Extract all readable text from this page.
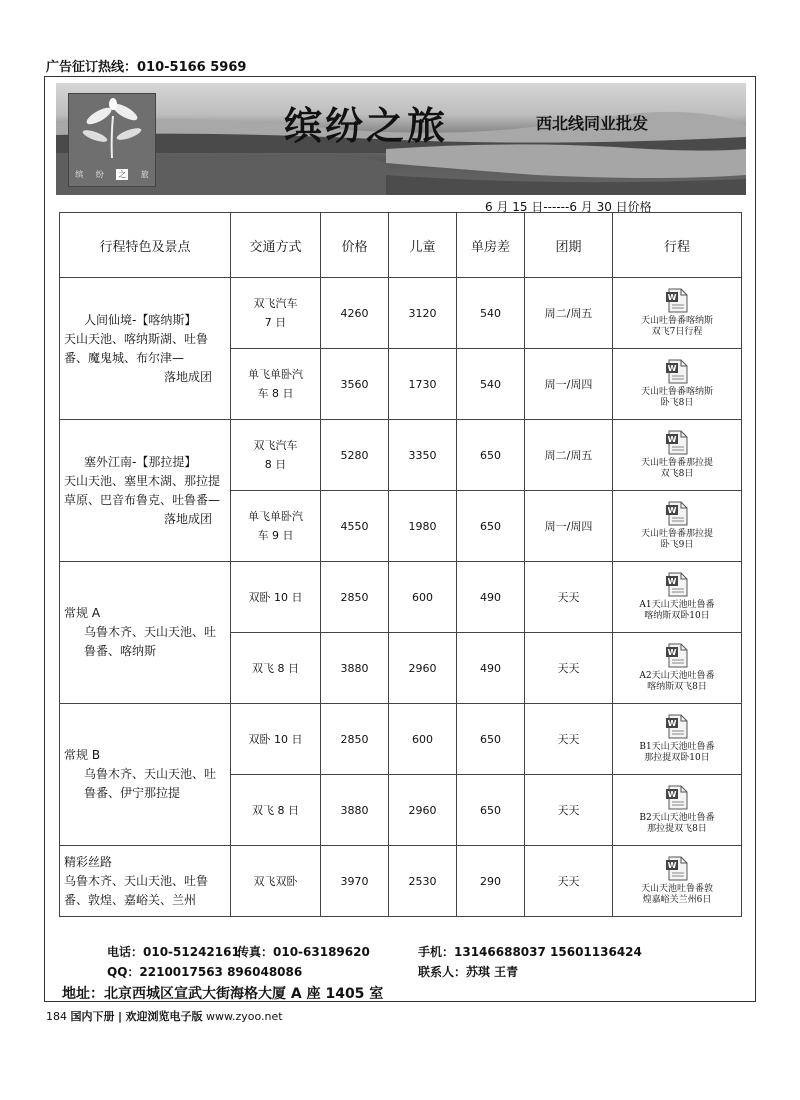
广告征订热线：010-5166 5969
缤 纷 之 旅
缤纷之旅	西北线同业批发
6 月 15 日------6 月 30 日价格
行程特色及景点	交通方式	价格	儿童	单房差	团期	行程

人间仙境-【喀纳斯】
天山天池、喀纳斯湖、吐鲁番、魔鬼城、布尔津—
落地成团	双飞汽车
7 日	4260	3120	540	周二/周五	W
天山吐鲁番喀纳斯
双飞7日行程

	单飞单卧汽
车 8 日	3560	1730	540	周一/周四	W
天山吐鲁番喀纳斯
卧飞8日

塞外江南-【那拉提】
天山天池、塞里木湖、那拉提草原、巴音布鲁克、吐鲁番—
落地成团	双飞汽车
8 日	5280	3350	650	周二/周五	W
天山吐鲁番那拉提
双飞8日

	单飞单卧汽
车 9 日	4550	1980	650	周一/周四	W
天山吐鲁番那拉提
卧飞9日

常规 A
乌鲁木齐、天山天池、吐鲁番、喀纳斯	双卧 10 日	2850	600	490	天天	W
A1天山天池吐鲁番
喀纳斯双卧10日

	双飞 8 日	3880	2960	490	天天	W
A2天山天池吐鲁番
喀纳斯双飞8日

常规 B
乌鲁木齐、天山天池、吐鲁番、伊宁那拉提	双卧 10 日	2850	600	650	天天	W
B1天山天池吐鲁番
那拉提双卧10日

	双飞 8 日	3880	2960	650	天天	W
B2天山天池吐鲁番
那拉提双飞8日

精彩丝路
乌鲁木齐、天山天池、吐鲁番、敦煌、嘉峪关、兰州	双飞双卧	3970	2530	290	天天	W
天山天池吐鲁番敦
煌嘉峪关兰州6日
电话：010-51242161
传真：010-63189620	手机：13146688037 15601136424
QQ：2210017563 896048086	联系人：苏琪 王青
地址：北京西城区宣武大街海格大厦 A 座 1405 室
184 国内下册 | 欢迎浏览电子版 www.zyoo.net
